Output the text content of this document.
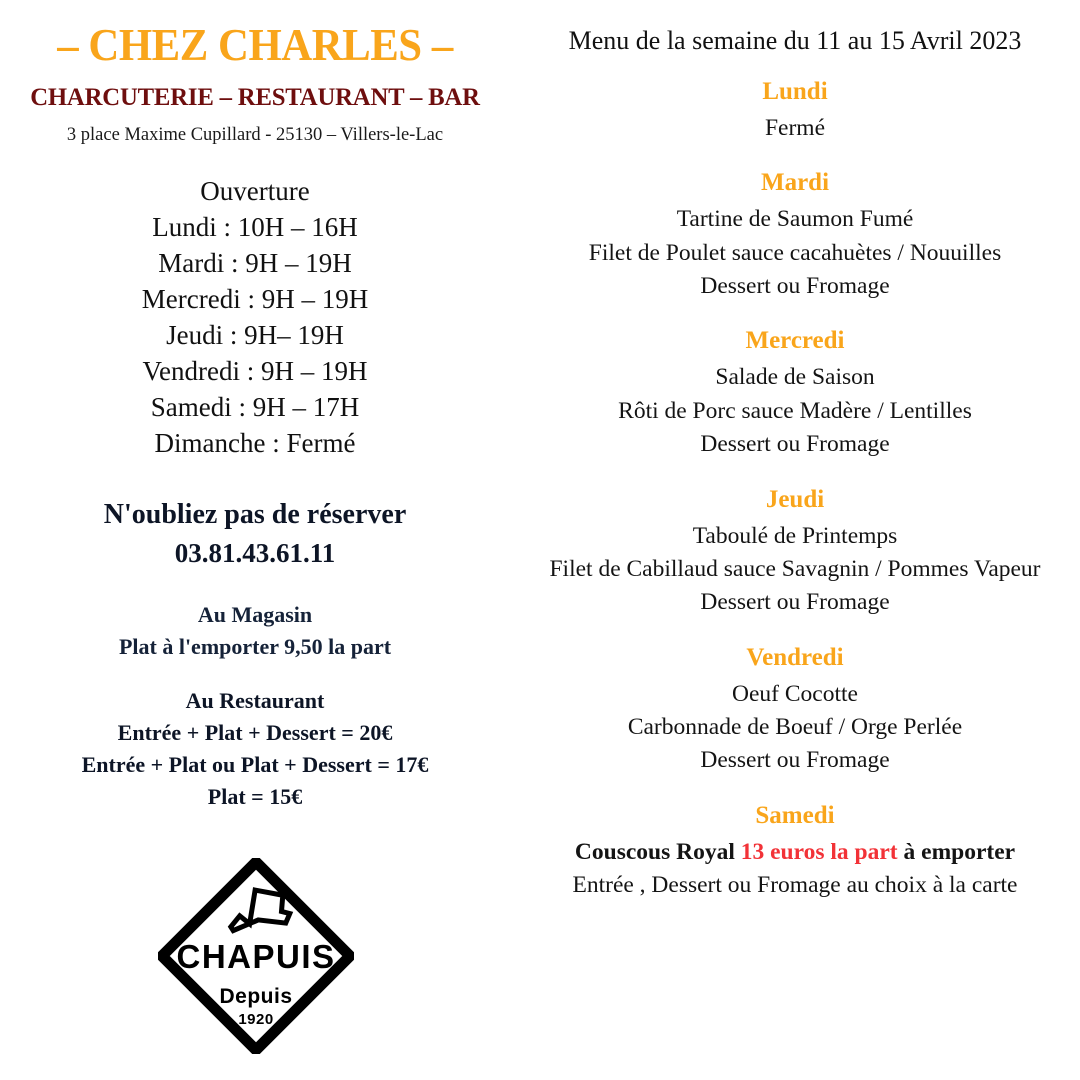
– CHEZ CHARLES –
CHARCUTERIE – RESTAURANT – BAR
3 place Maxime Cupillard - 25130 – Villers-le-Lac
Ouverture
Lundi : 10H – 16H
Mardi : 9H – 19H
Mercredi : 9H – 19H
Jeudi : 9H– 19H
Vendredi : 9H – 19H
Samedi : 9H – 17H
Dimanche : Fermé
N'oubliez pas de réserver
03.81.43.61.11
Au Magasin
Plat à l'emporter 9,50 la part
Au Restaurant
Entrée + Plat + Dessert = 20€
Entrée + Plat ou Plat + Dessert = 17€
Plat = 15€
CHAPUIS
Depuis
1920
Menu de la semaine du 11 au 15 Avril 2023
Lundi
Fermé
Mardi
Tartine de Saumon Fumé
Filet de Poulet sauce cacahuètes / Nouuilles
Dessert ou Fromage
Mercredi
Salade de Saison
Rôti de Porc sauce Madère / Lentilles
Dessert ou Fromage
Jeudi
Taboulé de Printemps
Filet de Cabillaud sauce Savagnin / Pommes Vapeur
Dessert ou Fromage
Vendredi
Oeuf Cocotte
Carbonnade de Boeuf / Orge Perlée
Dessert ou Fromage
Samedi
Couscous Royal 13 euros la part à emporter
Entrée , Dessert ou Fromage au choix à la carte
